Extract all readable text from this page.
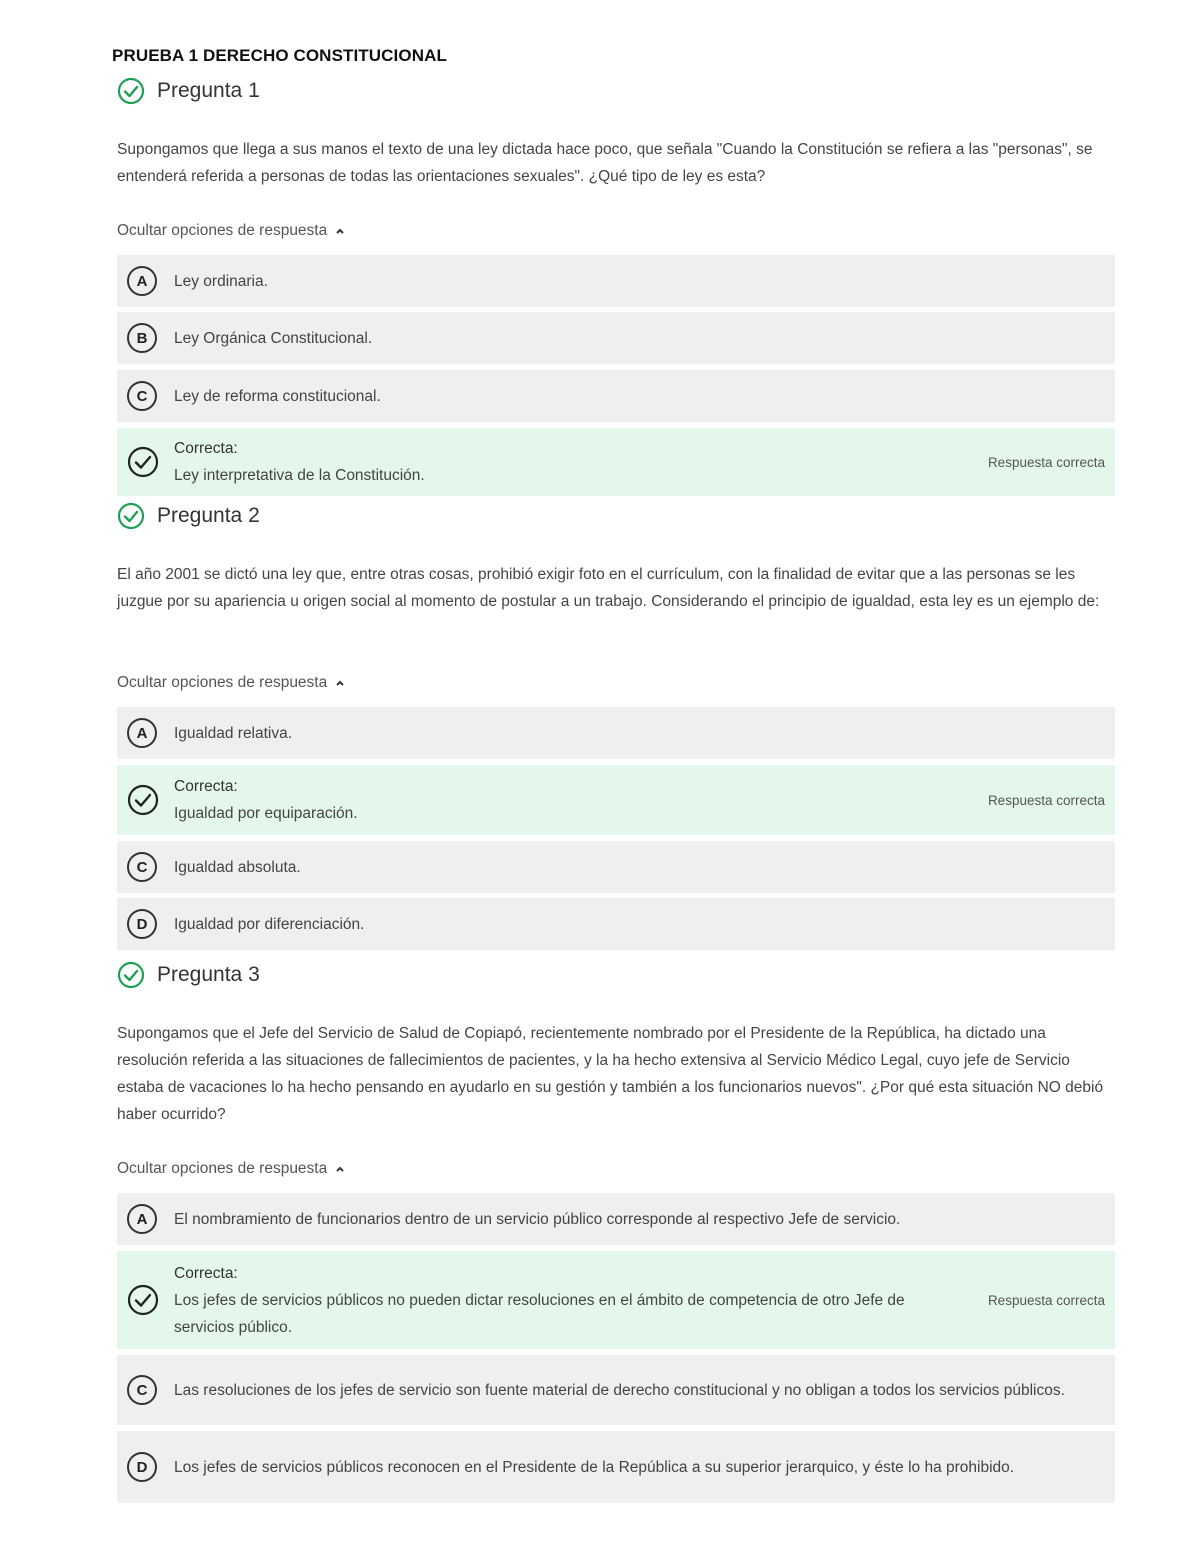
PRUEBA 1 DERECHO CONSTITUCIONAL
Pregunta 1
Supongamos que llega a sus manos el texto de una ley dictada hace poco, que señala "Cuando la Constitución se refiera a las "personas", se entenderá referida a personas de todas las orientaciones sexuales". ¿Qué tipo de ley es esta?
Ocultar opciones de respuesta
A	Ley ordinaria.
B	Ley Orgánica Constitucional.
C	Ley de reforma constitucional.
Correcta:
Ley interpretativa de la Constitución.
Respuesta correcta
Pregunta 2
El año 2001 se dictó una ley que, entre otras cosas, prohibió exigir foto en el currículum, con la finalidad de evitar que a las personas se les juzgue por su apariencia u origen social al momento de postular a un trabajo. Considerando el principio de igualdad, esta ley es un ejemplo de:
Ocultar opciones de respuesta
A	Igualdad relativa.
Correcta:
Igualdad por equiparación.
Respuesta correcta
C	Igualdad absoluta.
D	Igualdad por diferenciación.
Pregunta 3
Supongamos que el Jefe del Servicio de Salud de Copiapó, recientemente nombrado por el Presidente de la República, ha dictado una resolución referida a las situaciones de fallecimientos de pacientes, y la ha hecho extensiva al Servicio Médico Legal, cuyo jefe de Servicio estaba de vacaciones lo ha hecho pensando en ayudarlo en su gestión y también a los funcionarios nuevos". ¿Por qué esta situación NO debió haber ocurrido?
Ocultar opciones de respuesta
A	El nombramiento de funcionarios dentro de un servicio público corresponde al respectivo Jefe de servicio.
Correcta:
Los jefes de servicios públicos no pueden dictar resoluciones en el ámbito de competencia de otro Jefe de servicios público.
Respuesta correcta
C	Las resoluciones de los jefes de servicio son fuente material de derecho constitucional y no obligan a todos los servicios públicos.
D	Los jefes de servicios públicos reconocen en el Presidente de la República a su superior jerarquico, y éste lo ha prohibido.
